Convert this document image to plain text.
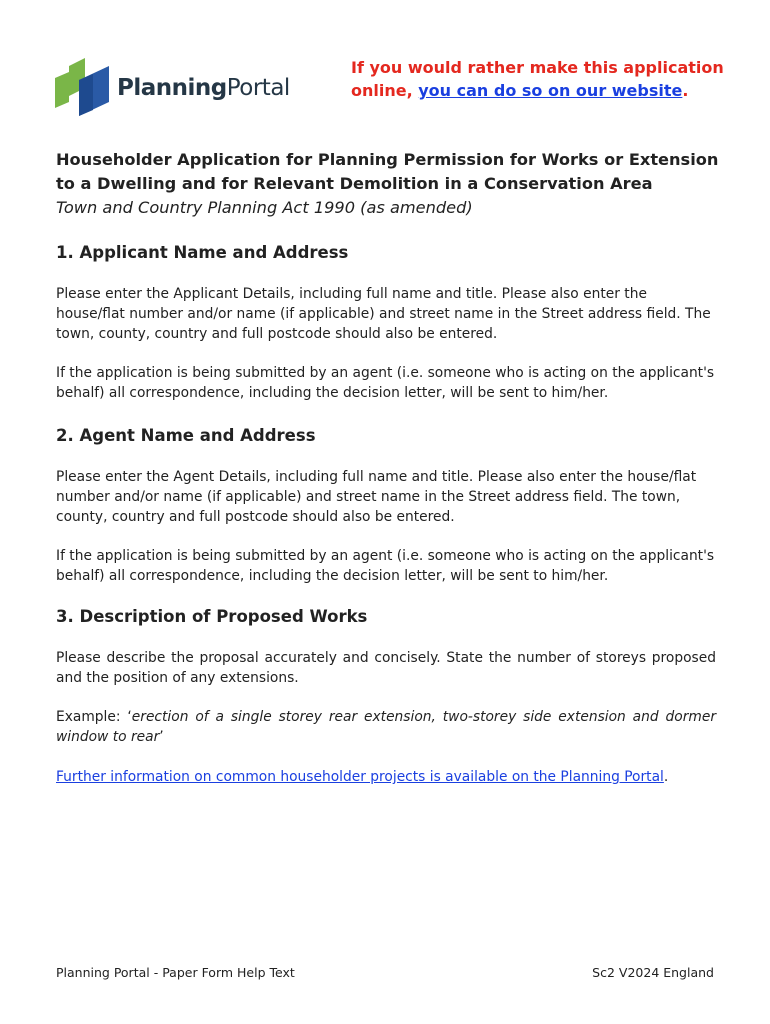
PlanningPortal
If you would rather make this application online, you can do so on our website.

Householder Application for Planning Permission for Works or Extension to a Dwelling and for Relevant Demolition in a Conservation Area

Town and Country Planning Act 1990 (as amended)

1. Applicant Name and Address

Please enter the Applicant Details, including full name and title. Please also enter the house/flat number and/or name (if applicable) and street name in the Street address field. The town, county, country and full postcode should also be entered.

If the application is being submitted by an agent (i.e. someone who is acting on the applicant's behalf) all correspondence, including the decision letter, will be sent to him/her.

2. Agent Name and Address

Please enter the Agent Details, including full name and title. Please also enter the house/flat number and/or name (if applicable) and street name in the Street address field. The town, county, country and full postcode should also be entered.

If the application is being submitted by an agent (i.e. someone who is acting on the applicant's behalf) all correspondence, including the decision letter, will be sent to him/her.

3. Description of Proposed Works

Please describe the proposal accurately and concisely. State the number of storeys proposed and the position of any extensions.

Example: ‘erection of a single storey rear extension, two-storey side extension and dormer window to rear’

Further information on common householder projects is available on the Planning Portal.

Planning Portal - Paper Form Help Text	Sc2 V2024 England
